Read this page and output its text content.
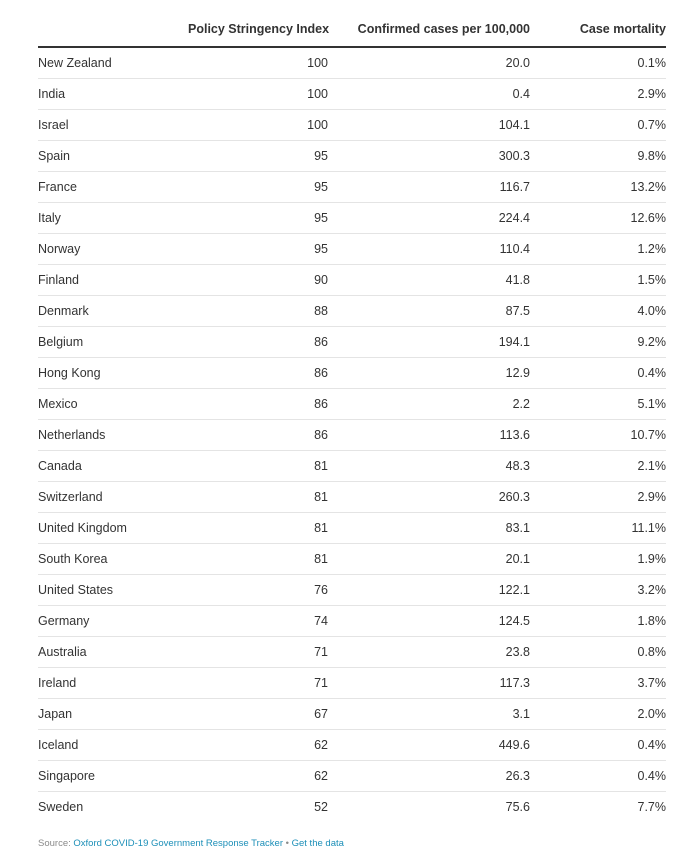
	Policy Stringency Index	Confirmed cases per 100,000	Case mortality
New Zealand	100	20.0	0.1%
India	100	0.4	2.9%
Israel	100	104.1	0.7%
Spain	95	300.3	9.8%
France	95	116.7	13.2%
Italy	95	224.4	12.6%
Norway	95	110.4	1.2%
Finland	90	41.8	1.5%
Denmark	88	87.5	4.0%
Belgium	86	194.1	9.2%
Hong Kong	86	12.9	0.4%
Mexico	86	2.2	5.1%
Netherlands	86	113.6	10.7%
Canada	81	48.3	2.1%
Switzerland	81	260.3	2.9%
United Kingdom	81	83.1	11.1%
South Korea	81	20.1	1.9%
United States	76	122.1	3.2%
Germany	74	124.5	1.8%
Australia	71	23.8	0.8%
Ireland	71	117.3	3.7%
Japan	67	3.1	2.0%
Iceland	62	449.6	0.4%
Singapore	62	26.3	0.4%
Sweden	52	75.6	7.7%
Source: Oxford COVID-19 Government Response Tracker • Get the data
